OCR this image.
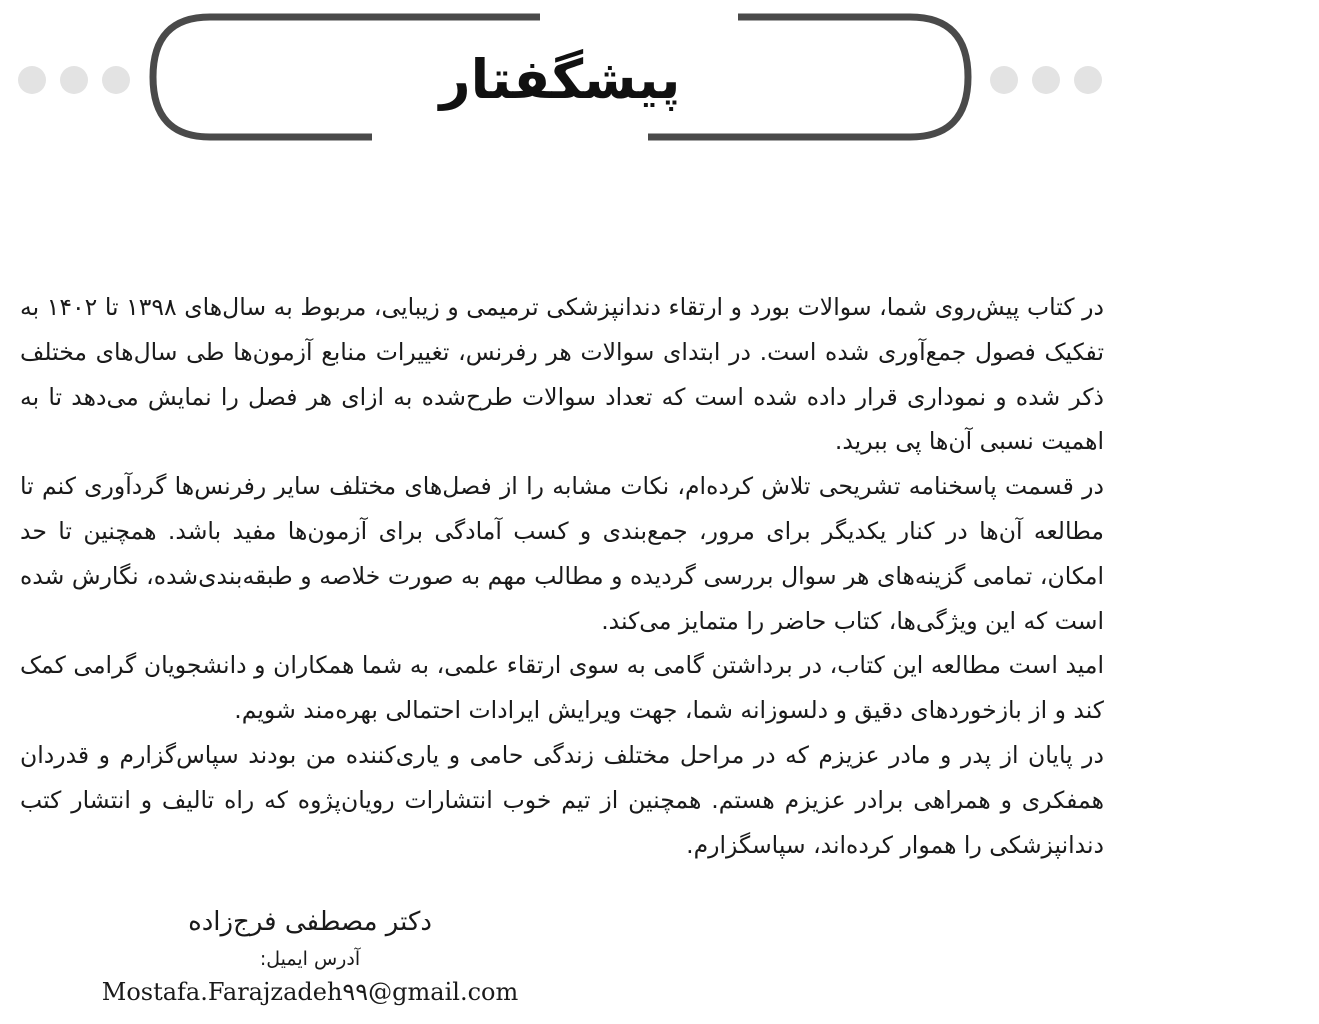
پیشگفتار

در کتاب پیش‌روی شما، سوالات بورد و ارتقاء دندانپزشکی ترمیمی و زیبایی، مربوط به سال‌های ۱۳۹۸ تا ۱۴۰۲ به تفکیک فصول جمع‌آوری شده است. در ابتدای سوالات هر رفرنس، تغییرات منابع آزمون‌ها طی سال‌های مختلف ذکر شده و نموداری قرار داده شده است که تعداد سوالات طرح‌شده به ازای هر فصل را نمایش می‌دهد تا به اهمیت نسبی آن‌ها پی ببرید.

در قسمت پاسخنامه تشریحی تلاش کرده‌ام، نکات مشابه را از فصل‌های مختلف سایر رفرنس‌ها گردآوری کنم تا مطالعه آن‌ها در کنار یکدیگر برای مرور، جمع‌بندی و کسب آمادگی برای آزمون‌ها مفید باشد. همچنین تا حد امکان، تمامی گزینه‌های هر سوال بررسی گردیده و مطالب مهم به صورت خلاصه و طبقه‌بندی‌شده، نگارش شده است که این ویژگی‌ها، کتاب حاضر را متمایز می‌کند.

امید است مطالعه این کتاب، در برداشتن گامی به سوی ارتقاء علمی، به شما همکاران و دانشجویان گرامی کمک کند و از بازخوردهای دقیق و دلسوزانه شما، جهت ویرایش ایرادات احتمالی بهره‌مند شویم.

در پایان از پدر و مادر عزیزم که در مراحل مختلف زندگی حامی و یاری‌کننده من بودند سپاس‌گزارم و قدردان همفکری و همراهی برادر عزیزم هستم. همچنین از تیم خوب انتشارات رویان‌پژوه که راه تالیف و انتشار کتب دندانپزشکی را هموار کرده‌اند، سپاسگزارم.

دکتر مصطفی فرج‌زاده
آدرس ایمیل:
Mostafa.Farajzadeh۹۹@gmail.com
